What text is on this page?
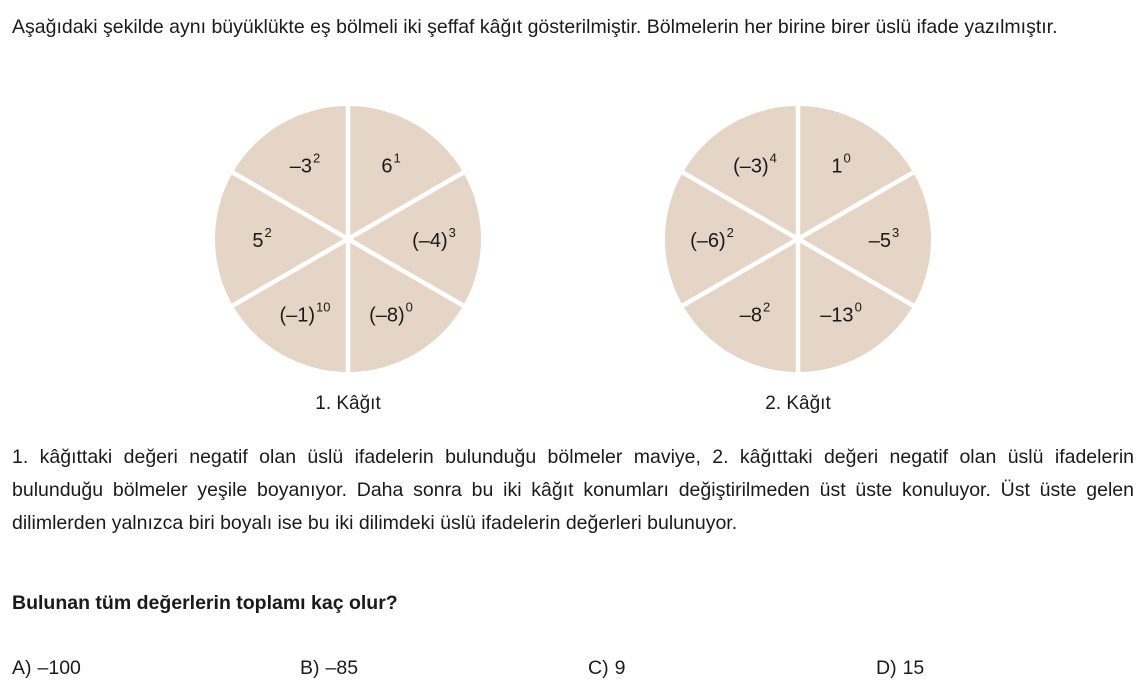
Aşağıdaki şekilde aynı büyüklükte eş bölmeli iki şeffaf kâğıt gösterilmiştir. Bölmelerin her birine birer üslü ifade yazılmıştır.

$6^1$
$(-4)^3$
$(-8)^0$
$(-1)^{10}$
$5^2$
$-3^2$
1. Kâğıt
$1^0$
$-5^3$
$-13^0$
$-8^2$
$(-6)^2$
$(-3)^4$
2. Kâğıt

1. kâğıttaki değeri negatif olan üslü ifadelerin bulunduğu bölmeler maviye, 2. kâğıttaki değeri negatif olan üslü ifadelerin bulunduğu bölmeler yeşile boyanıyor. Daha sonra bu iki kâğıt konumları değiştirilmeden üst üste konuluyor. Üst üste gelen dilimlerden yalnızca biri boyalı ise bu iki dilimdeki üslü ifadelerin değerleri bulunuyor.

Bulunan tüm değerlerin toplamı kaç olur?

A) –100	B) –85	C) 9	D) 15
